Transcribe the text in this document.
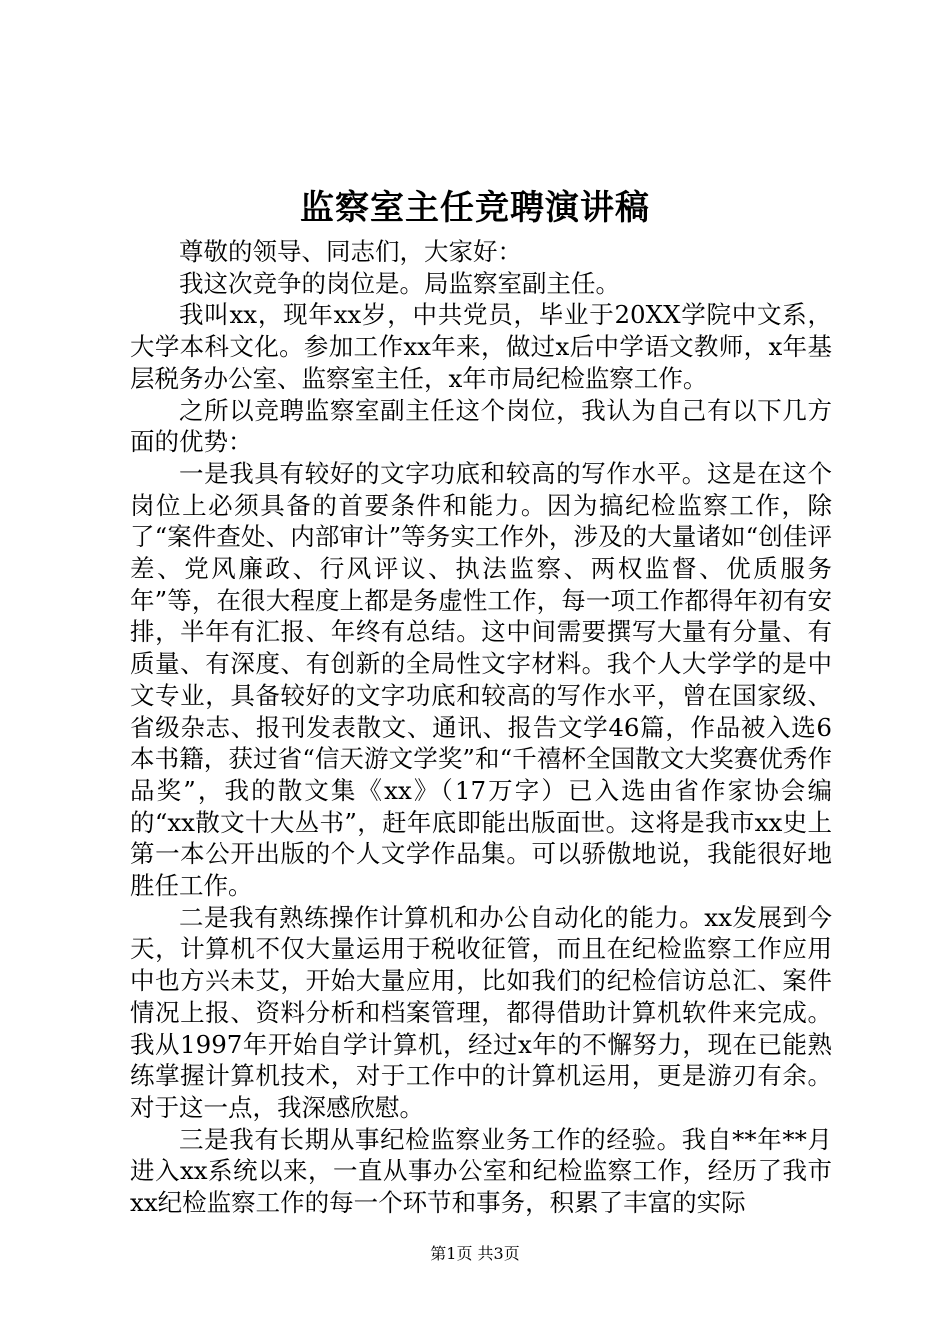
监察室主任竞聘演讲稿

尊敬的领导、同志们，大家好：

我这次竞争的岗位是。局监察室副主任。

我叫xx，现年xx岁，中共党员，毕业于20XX学院中文系，大学本科文化。参加工作xx年来，做过x后中学语文教师，x年基层税务办公室、监察室主任，x年市局纪检监察工作。

之所以竞聘监察室副主任这个岗位，我认为自己有以下几方面的优势：

一是我具有较好的文字功底和较高的写作水平。这是在这个岗位上必须具备的首要条件和能力。因为搞纪检监察工作，除了“案件查处、内部审计”等务实工作外，涉及的大量诸如“创佳评差、党风廉政、行风评议、执法监察、两权监督、优质服务年”等，在很大程度上都是务虚性工作，每一项工作都得年初有安排，半年有汇报、年终有总结。这中间需要撰写大量有分量、有质量、有深度、有创新的全局性文字材料。我个人大学学的是中文专业，具备较好的文字功底和较高的写作水平，曾在国家级、省级杂志、报刊发表散文、通讯、报告文学46篇，作品被入选6本书籍，获过省“信天游文学奖”和“千禧杯全国散文大奖赛优秀作品奖”，我的散文集《xx》（17万字）已入选由省作家协会编的“xx散文十大丛书”，赶年底即能出版面世。这将是我市xx史上第一本公开出版的个人文学作品集。可以骄傲地说，我能很好地胜任工作。

二是我有熟练操作计算机和办公自动化的能力。xx发展到今天，计算机不仅大量运用于税收征管，而且在纪检监察工作应用中也方兴未艾，开始大量应用，比如我们的纪检信访总汇、案件情况上报、资料分析和档案管理，都得借助计算机软件来完成。我从1997年开始自学计算机，经过x年的不懈努力，现在已能熟练掌握计算机技术，对于工作中的计算机运用，更是游刃有余。对于这一点，我深感欣慰。

三是我有长期从事纪检监察业务工作的经验。我自**年**月进入xx系统以来，一直从事办公室和纪检监察工作，经历了我市xx纪检监察工作的每一个环节和事务，积累了丰富的实际

第1页 共3页
